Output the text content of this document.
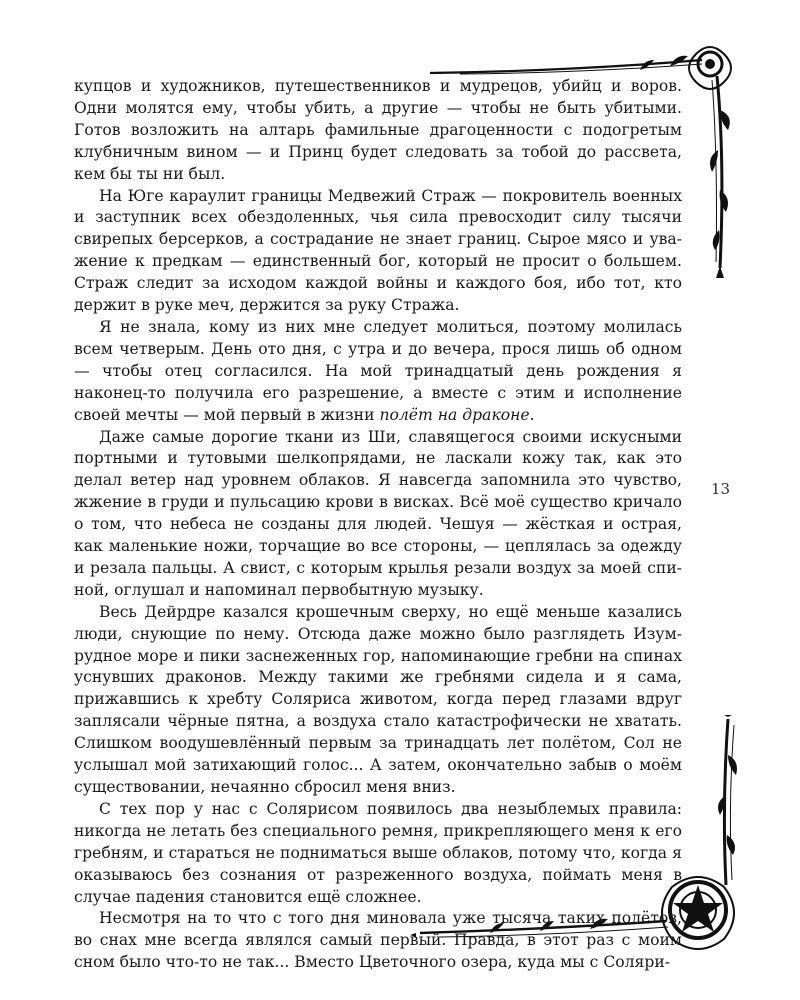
купцов и художников, путешественников и мудрецов, убийц и воров. Одни молятся ему, чтобы убить, а другие — чтобы не быть убитыми. Готов возложить на алтарь фамильные драгоценности с подогретым клубничным вином — и Принц будет следовать за тобой до рассвета, кем бы ты ни был.

На Юге караулит границы Медвежий Страж — покровитель военных и заступник всех обездоленных, чья сила превосходит силу тысячи свирепых берсерков, а сострадание не знает границ. Сырое мясо и уважение к предкам — единственный бог, который не просит о большем. Страж следит за исходом каждой войны и каждого боя, ибо тот, кто держит в руке меч, держится за руку Стража.

Я не знала, кому из них мне следует молиться, поэтому молилась всем четверым. День ото дня, с утра и до вечера, прося лишь об одном — чтобы отец согласился. На мой тринадцатый день рождения я наконец-то получила его разрешение, а вместе с этим и исполнение своей мечты — мой первый в жизни полёт на драконе.

Даже самые дорогие ткани из Ши, славящегося своими искусными портными и тутовыми шелкопрядами, не ласкали кожу так, как это делал ветер над уровнем облаков. Я навсегда запомнила это чувство, жжение в груди и пульсацию крови в висках. Всё моё существо кричало о том, что небеса не созданы для людей. Чешуя — жёсткая и острая, как маленькие ножи, торчащие во все стороны, — цеплялась за одежду и резала пальцы. А свист, с которым крылья резали воздух за моей спиной, оглушал и напоминал первобытную музыку.

Весь Дейрдре казался крошечным сверху, но ещё меньше казались люди, снующие по нему. Отсюда даже можно было разглядеть Изумрудное море и пики заснеженных гор, напоминающие гребни на спинах уснувших драконов. Между такими же гребнями сидела и я сама, прижавшись к хребту Соляриса животом, когда перед глазами вдруг заплясали чёрные пятна, а воздуха стало катастрофически не хватать. Слишком воодушевлённый первым за тринадцать лет полётом, Сол не услышал мой затихающий голос... А затем, окончательно забыв о моём существовании, нечаянно сбросил меня вниз.

С тех пор у нас с Солярисом появилось два незыблемых правила: никогда не летать без специального ремня, прикрепляющего меня к его гребням, и стараться не подниматься выше облаков, потому что, когда я оказываюсь без сознания от разреженного воздуха, поймать меня в случае падения становится ещё сложнее.

Несмотря на то что с того дня миновала уже тысяча таких полётов, во снах мне всегда являлся самый первый. Правда, в этот раз с моим сном было что-то не так... Вместо Цветочного озера, куда мы с Соляри-

13
